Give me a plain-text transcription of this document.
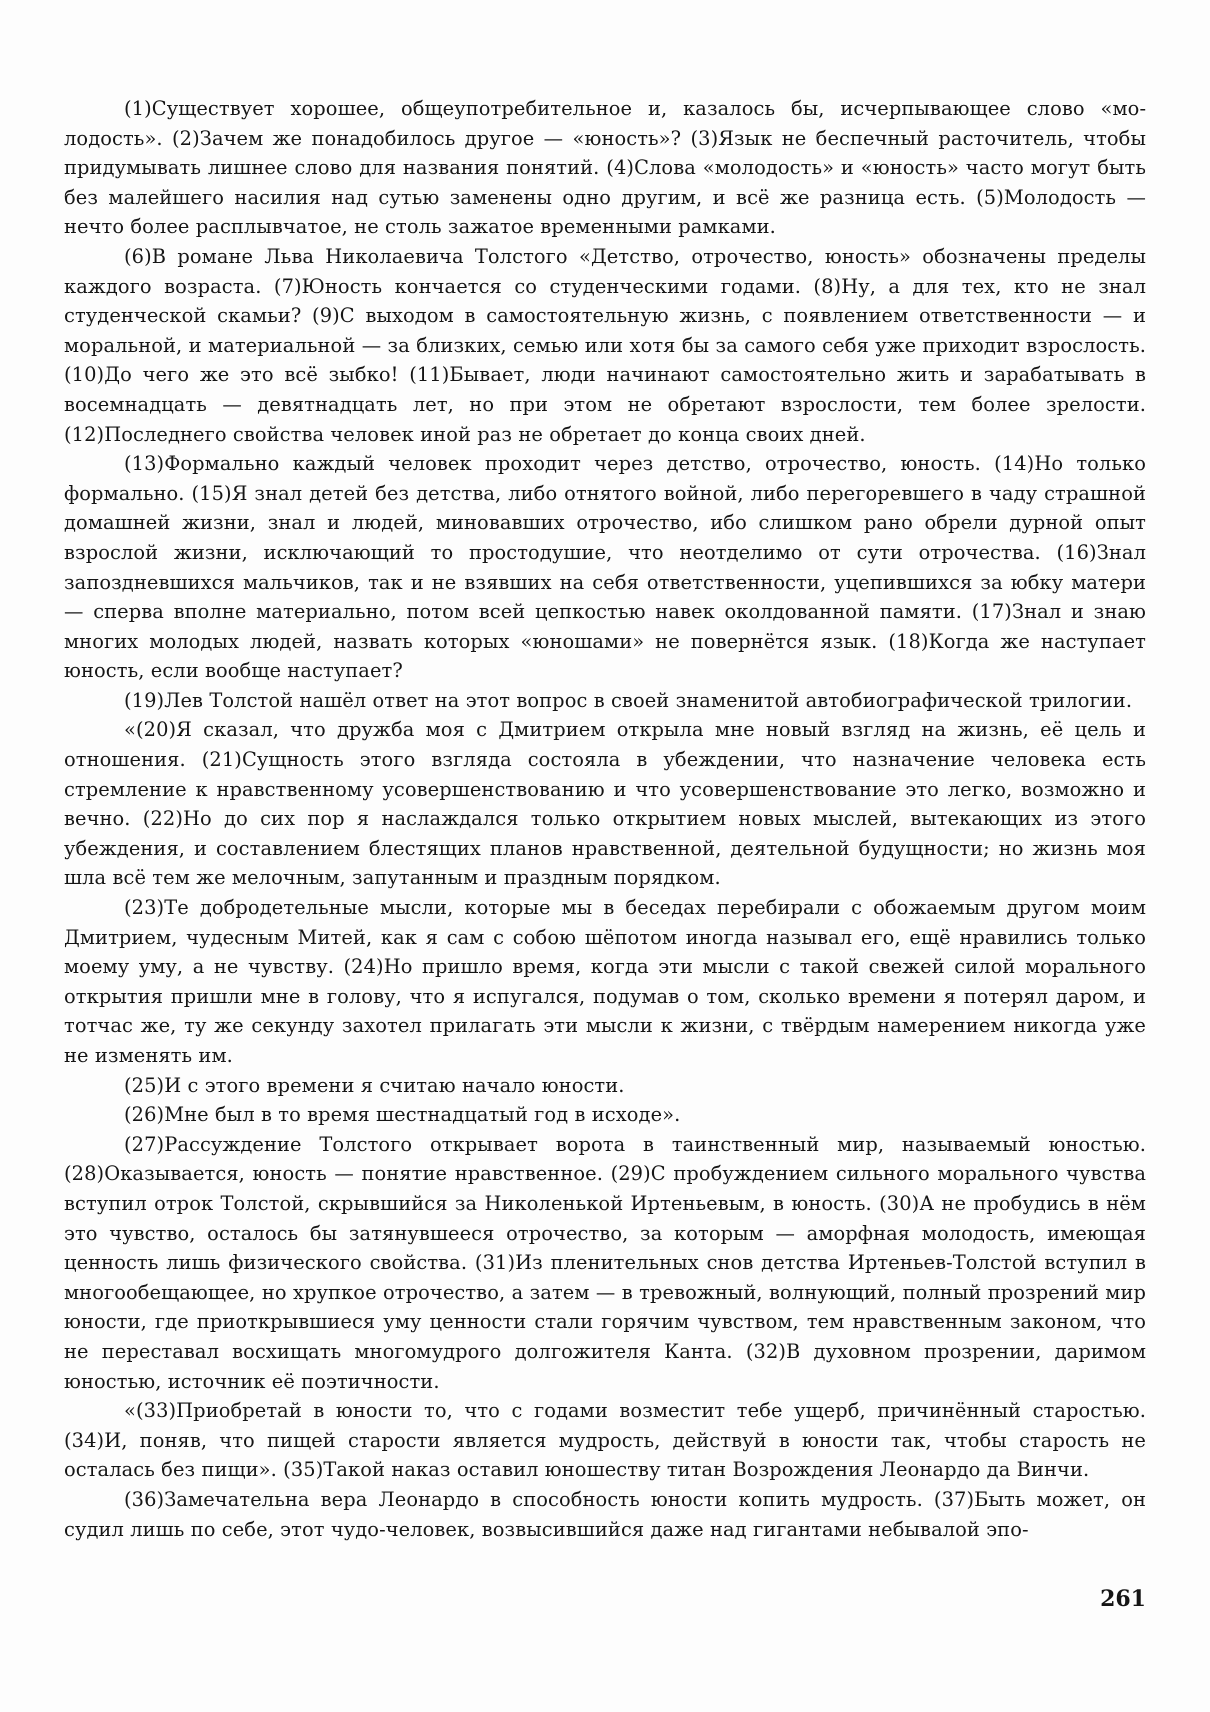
(1)Существует хорошее, общеупотребительное и, казалось бы, исчерпывающее слово «молодость». (2)Зачем же понадобилось другое — «юность»? (3)Язык не беспечный расточитель, чтобы придумывать лишнее слово для названия понятий. (4)Слова «молодость» и «юность» часто могут быть без малейшего насилия над сутью заменены одно другим, и всё же разница есть. (5)Молодость — нечто более расплывчатое, не столь зажатое временными рамками.

(6)В романе Льва Николаевича Толстого «Детство, отрочество, юность» обозначены пределы каждого возраста. (7)Юность кончается со студенческими годами. (8)Ну, а для тех, кто не знал студенческой скамьи? (9)С выходом в самостоятельную жизнь, с появлением ответственности — и моральной, и материальной — за близких, семью или хотя бы за самого себя уже приходит взрослость. (10)До чего же это всё зыбко! (11)Бывает, люди начинают самостоятельно жить и зарабатывать в восемнадцать — девятнадцать лет, но при этом не обретают взрослости, тем более зрелости. (12)Последнего свойства человек иной раз не обретает до конца своих дней.

(13)Формально каждый человек проходит через детство, отрочество, юность. (14)Но только формально. (15)Я знал детей без детства, либо отнятого войной, либо перегоревшего в чаду страшной домашней жизни, знал и людей, миновавших отрочество, ибо слишком рано обрели дурной опыт взрослой жизни, исключающий то простодушие, что неотделимо от сути отрочества. (16)Знал запоздневшихся мальчиков, так и не взявших на себя ответственности, уцепившихся за юбку матери — сперва вполне материально, потом всей цепкостью навек околдованной памяти. (17)Знал и знаю многих молодых людей, назвать которых «юношами» не повернётся язык. (18)Когда же наступает юность, если вообще наступает?

(19)Лев Толстой нашёл ответ на этот вопрос в своей знаменитой автобиографической трилогии.

«(20)Я сказал, что дружба моя с Дмитрием открыла мне новый взгляд на жизнь, её цель и отношения. (21)Сущность этого взгляда состояла в убеждении, что назначение человека есть стремление к нравственному усовершенствованию и что усовершенствование это легко, возможно и вечно. (22)Но до сих пор я наслаждался только открытием новых мыслей, вытекающих из этого убеждения, и составлением блестящих планов нравственной, деятельной будущности; но жизнь моя шла всё тем же мелочным, запутанным и праздным порядком.

(23)Те добродетельные мысли, которые мы в беседах перебирали с обожаемым другом моим Дмитрием, чудесным Митей, как я сам с собою шёпотом иногда называл его, ещё нравились только моему уму, а не чувству. (24)Но пришло время, когда эти мысли с такой свежей силой морального открытия пришли мне в голову, что я испугался, подумав о том, сколько времени я потерял даром, и тотчас же, ту же секунду захотел прилагать эти мысли к жизни, с твёрдым намерением никогда уже не изменять им.

(25)И с этого времени я считаю начало юности.

(26)Мне был в то время шестнадцатый год в исходе».

(27)Рассуждение Толстого открывает ворота в таинственный мир, называемый юностью. (28)Оказывается, юность — понятие нравственное. (29)С пробуждением сильного морального чувства вступил отрок Толстой, скрывшийся за Николенькой Иртеньевым, в юность. (30)А не пробудись в нём это чувство, осталось бы затянувшееся отрочество, за которым — аморфная молодость, имеющая ценность лишь физического свойства. (31)Из пленительных снов детства Иртеньев-Толстой вступил в многообещающее, но хрупкое отрочество, а затем — в тревожный, волнующий, полный прозрений мир юности, где приоткрывшиеся уму ценности стали горячим чувством, тем нравственным законом, что не переставал восхищать многомудрого долгожителя Канта. (32)В духовном прозрении, даримом юностью, источник её поэтичности.

«(33)Приобретай в юности то, что с годами возместит тебе ущерб, причинённый старостью. (34)И, поняв, что пищей старости является мудрость, действуй в юности так, чтобы старость не осталась без пищи». (35)Такой наказ оставил юношеству титан Возрождения Леонардо да Винчи.

(36)Замечательна вера Леонардо в способность юности копить мудрость. (37)Быть может, он судил лишь по себе, этот чудо-человек, возвысившийся даже над гигантами небывалой эпо-

261
